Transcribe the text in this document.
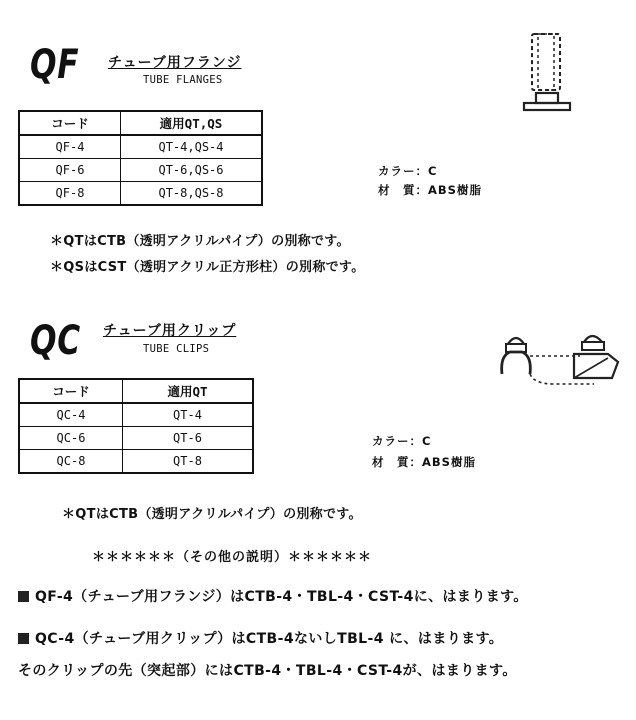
QF チューブ用フランジ
TUBE FLANGES
コード	適用QT,QS
QF-4	QT-4,QS-4
QF-6	QT-6,QS-6
QF-8	QT-8,QS-8
カラー：C
材　質：ABS樹脂
＊QTはCTB（透明アクリルパイプ）の別称です。
＊QSはCST（透明アクリル正方形柱）の別称です。
QC チューブ用クリップ
TUBE CLIPS
コード	適用QT
QC-4	QT-4
QC-6	QT-6
QC-8	QT-8
カラー：C
材　質：ABS樹脂
＊QTはCTB（透明アクリルパイプ）の別称です。
＊＊＊＊＊＊（その他の説明）＊＊＊＊＊＊
QF-4（チューブ用フランジ）はCTB-4・TBL-4・CST-4に、はまります。
QC-4（チューブ用クリップ）はCTB-4ないしTBL-4 に、はまります。
そのクリップの先（突起部）にはCTB-4・TBL-4・CST-4が、はまります。
